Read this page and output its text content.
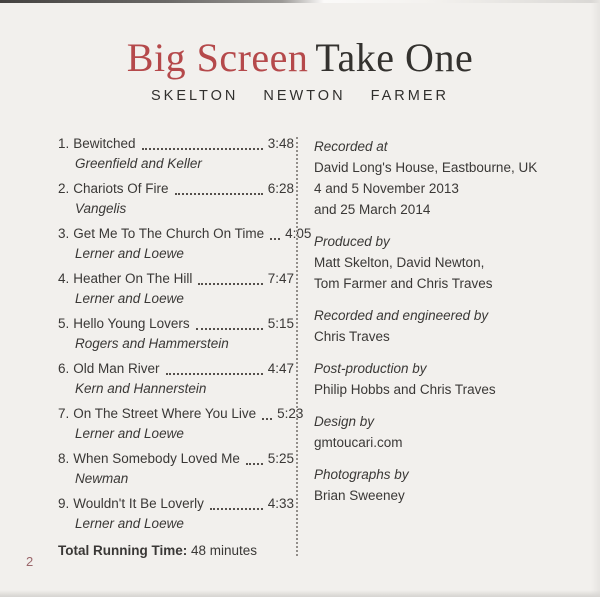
Big Screen Take One
SKELTON NEWTON FARMER
1. Bewitched	3:48
Greenfield and Keller
2. Chariots Of Fire	6:28
Vangelis
3. Get Me To The Church On Time 4:05
Lerner and Loewe
4. Heather On The Hill	7:47
Lerner and Loewe
5. Hello Young Lovers	5:15
Rogers and Hammerstein
6. Old Man River	4:47
Kern and Hannerstein
7. On The Street Where You Live 5:23
Lerner and Loewe
8. When Somebody Loved Me 5:25
Newman
9. Wouldn't It Be Loverly	4:33
Lerner and Loewe
Total Running Time: 48 minutes
Recorded at
David Long's House, Eastbourne, UK
4 and 5 November 2013
and 25 March 2014
Produced by
Matt Skelton, David Newton,
Tom Farmer and Chris Traves
Recorded and engineered by
Chris Traves
Post-production by
Philip Hobbs and Chris Traves
Design by
gmtoucari.com
Photographs by
Brian Sweeney
2
